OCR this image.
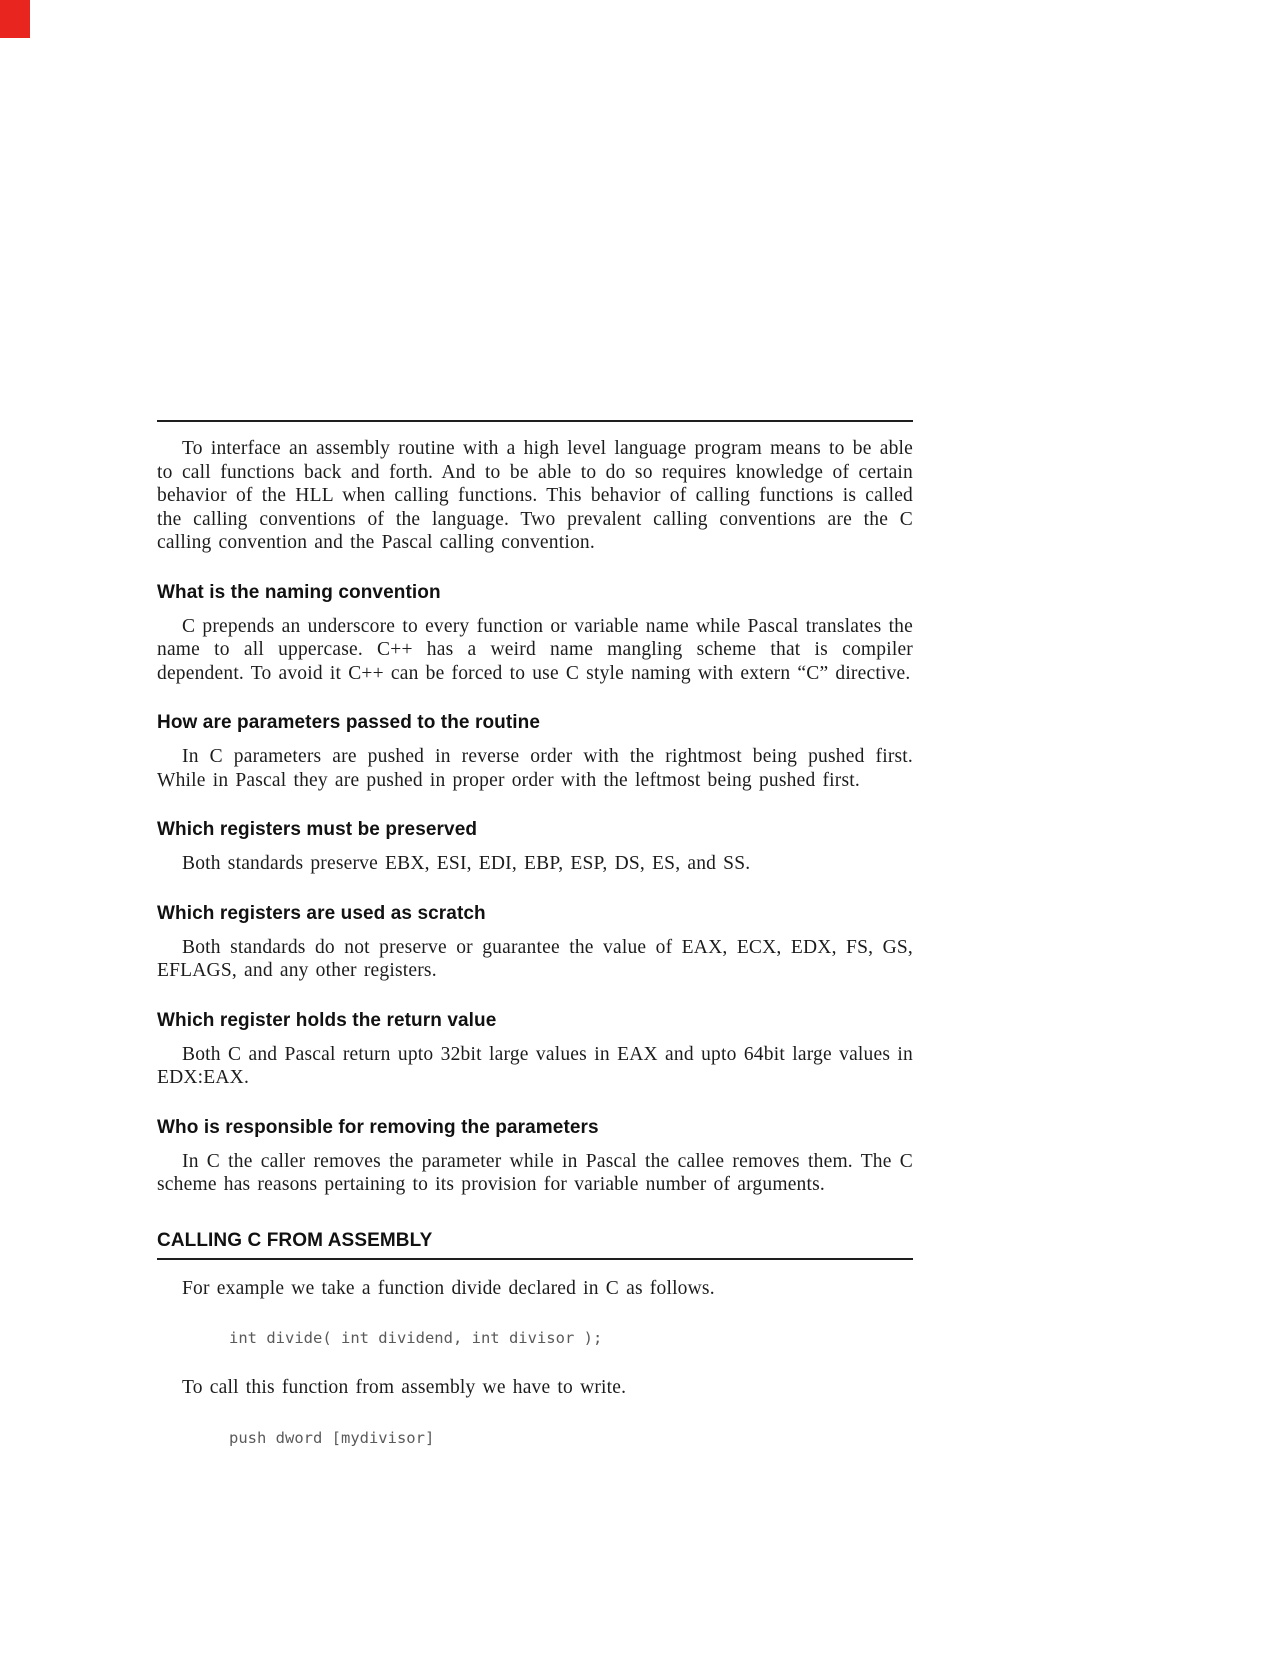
To interface an assembly routine with a high level language program means to be able to call functions back and forth. And to be able to do so requires knowledge of certain behavior of the HLL when calling functions. This behavior of calling functions is called the calling conventions of the language. Two prevalent calling conventions are the C calling convention and the Pascal calling convention.

What is the naming convention

C prepends an underscore to every function or variable name while Pascal translates the name to all uppercase. C++ has a weird name mangling scheme that is compiler dependent. To avoid it C++ can be forced to use C style naming with extern “C” directive.

How are parameters passed to the routine

In C parameters are pushed in reverse order with the rightmost being pushed first. While in Pascal they are pushed in proper order with the leftmost being pushed first.

Which registers must be preserved

Both standards preserve EBX, ESI, EDI, EBP, ESP, DS, ES, and SS.

Which registers are used as scratch

Both standards do not preserve or guarantee the value of EAX, ECX, EDX, FS, GS, EFLAGS, and any other registers.

Which register holds the return value

Both C and Pascal return upto 32bit large values in EAX and upto 64bit large values in EDX:EAX.

Who is responsible for removing the parameters

In C the caller removes the parameter while in Pascal the callee removes them. The C scheme has reasons pertaining to its provision for variable number of arguments.

CALLING C FROM ASSEMBLY

For example we take a function divide declared in C as follows.

int divide( int dividend, int divisor );

To call this function from assembly we have to write.

push dword [mydivisor]
